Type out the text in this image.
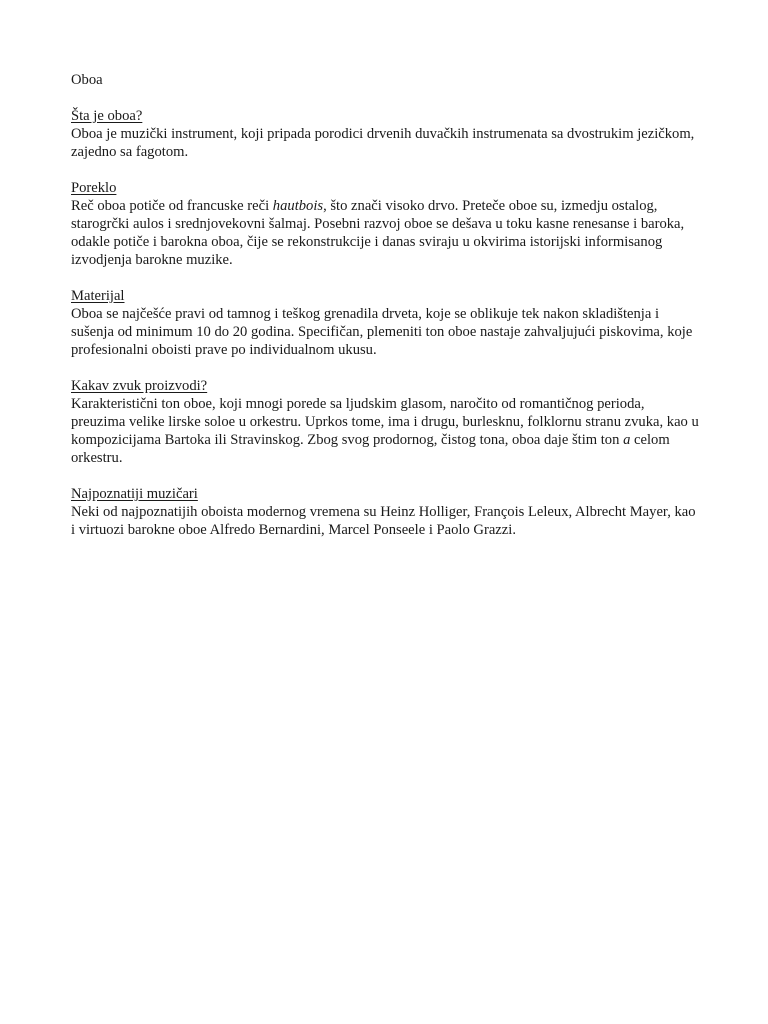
Oboa
Šta je oboa?

Oboa je muzički instrument, koji pripada porodici drvenih duvačkih instrumenata sa dvostrukim jezičkom, zajedno sa fagotom.

Poreklo

Reč oboa potiče od francuske reči hautbois, što znači visoko drvo. Preteče oboe su, izmedju ostalog, starogrčki aulos i srednjovekovni šalmaj. Posebni razvoj oboe se dešava u toku kasne renesanse i baroka, odakle potiče i barokna oboa, čije se rekonstrukcije i danas sviraju u okvirima istorijski informisanog izvodjenja barokne muzike.

Materijal

Oboa se najčešće pravi od tamnog i teškog grenadila drveta, koje se oblikuje tek nakon skladištenja i sušenja od minimum 10 do 20 godina. Specifičan, plemeniti ton oboe nastaje zahvaljujući piskovima, koje profesionalni oboisti prave po individualnom ukusu.

Kakav zvuk proizvodi?

Karakteristični ton oboe, koji mnogi porede sa ljudskim glasom, naročito od romantičnog perioda, preuzima velike lirske soloe u orkestru. Uprkos tome, ima i drugu, burlesknu, folklornu stranu zvuka, kao u kompozicijama Bartoka ili Stravinskog. Zbog svog prodornog, čistog tona, oboa daje štim ton a celom orkestru.

Najpoznatiji muzičari

Neki od najpoznatijih oboista modernog vremena su Heinz Holliger, François Leleux, Albrecht Mayer, kao i virtuozi barokne oboe Alfredo Bernardini, Marcel Ponseele i Paolo Grazzi.
